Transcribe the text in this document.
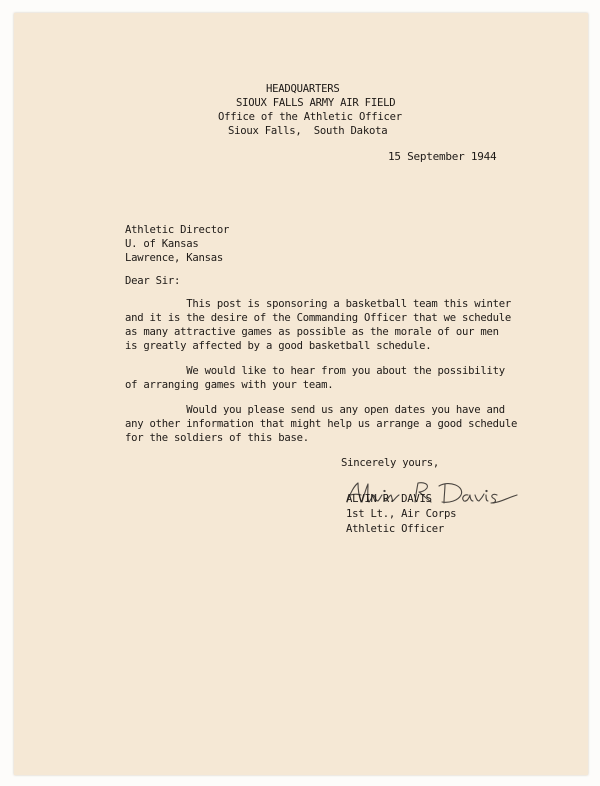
HEADQUARTERS
SIOUX FALLS ARMY AIR FIELD
Office of the Athletic Officer
Sioux Falls,  South Dakota
15 September 1944
Athletic Director
U. of Kansas
Lawrence, Kansas
Dear Sir:
This post is sponsoring a basketball team this winter
and it is the desire of the Commanding Officer that we schedule
as many attractive games as possible as the morale of our men
is greatly affected by a good basketball schedule.
We would like to hear from you about the possibility
of arranging games with your team.
Would you please send us any open dates you have and
any other information that might help us arrange a good schedule
for the soldiers of this base.
Sincerely yours,
ALVIN R. DAVIS
1st Lt., Air Corps
Athletic Officer
